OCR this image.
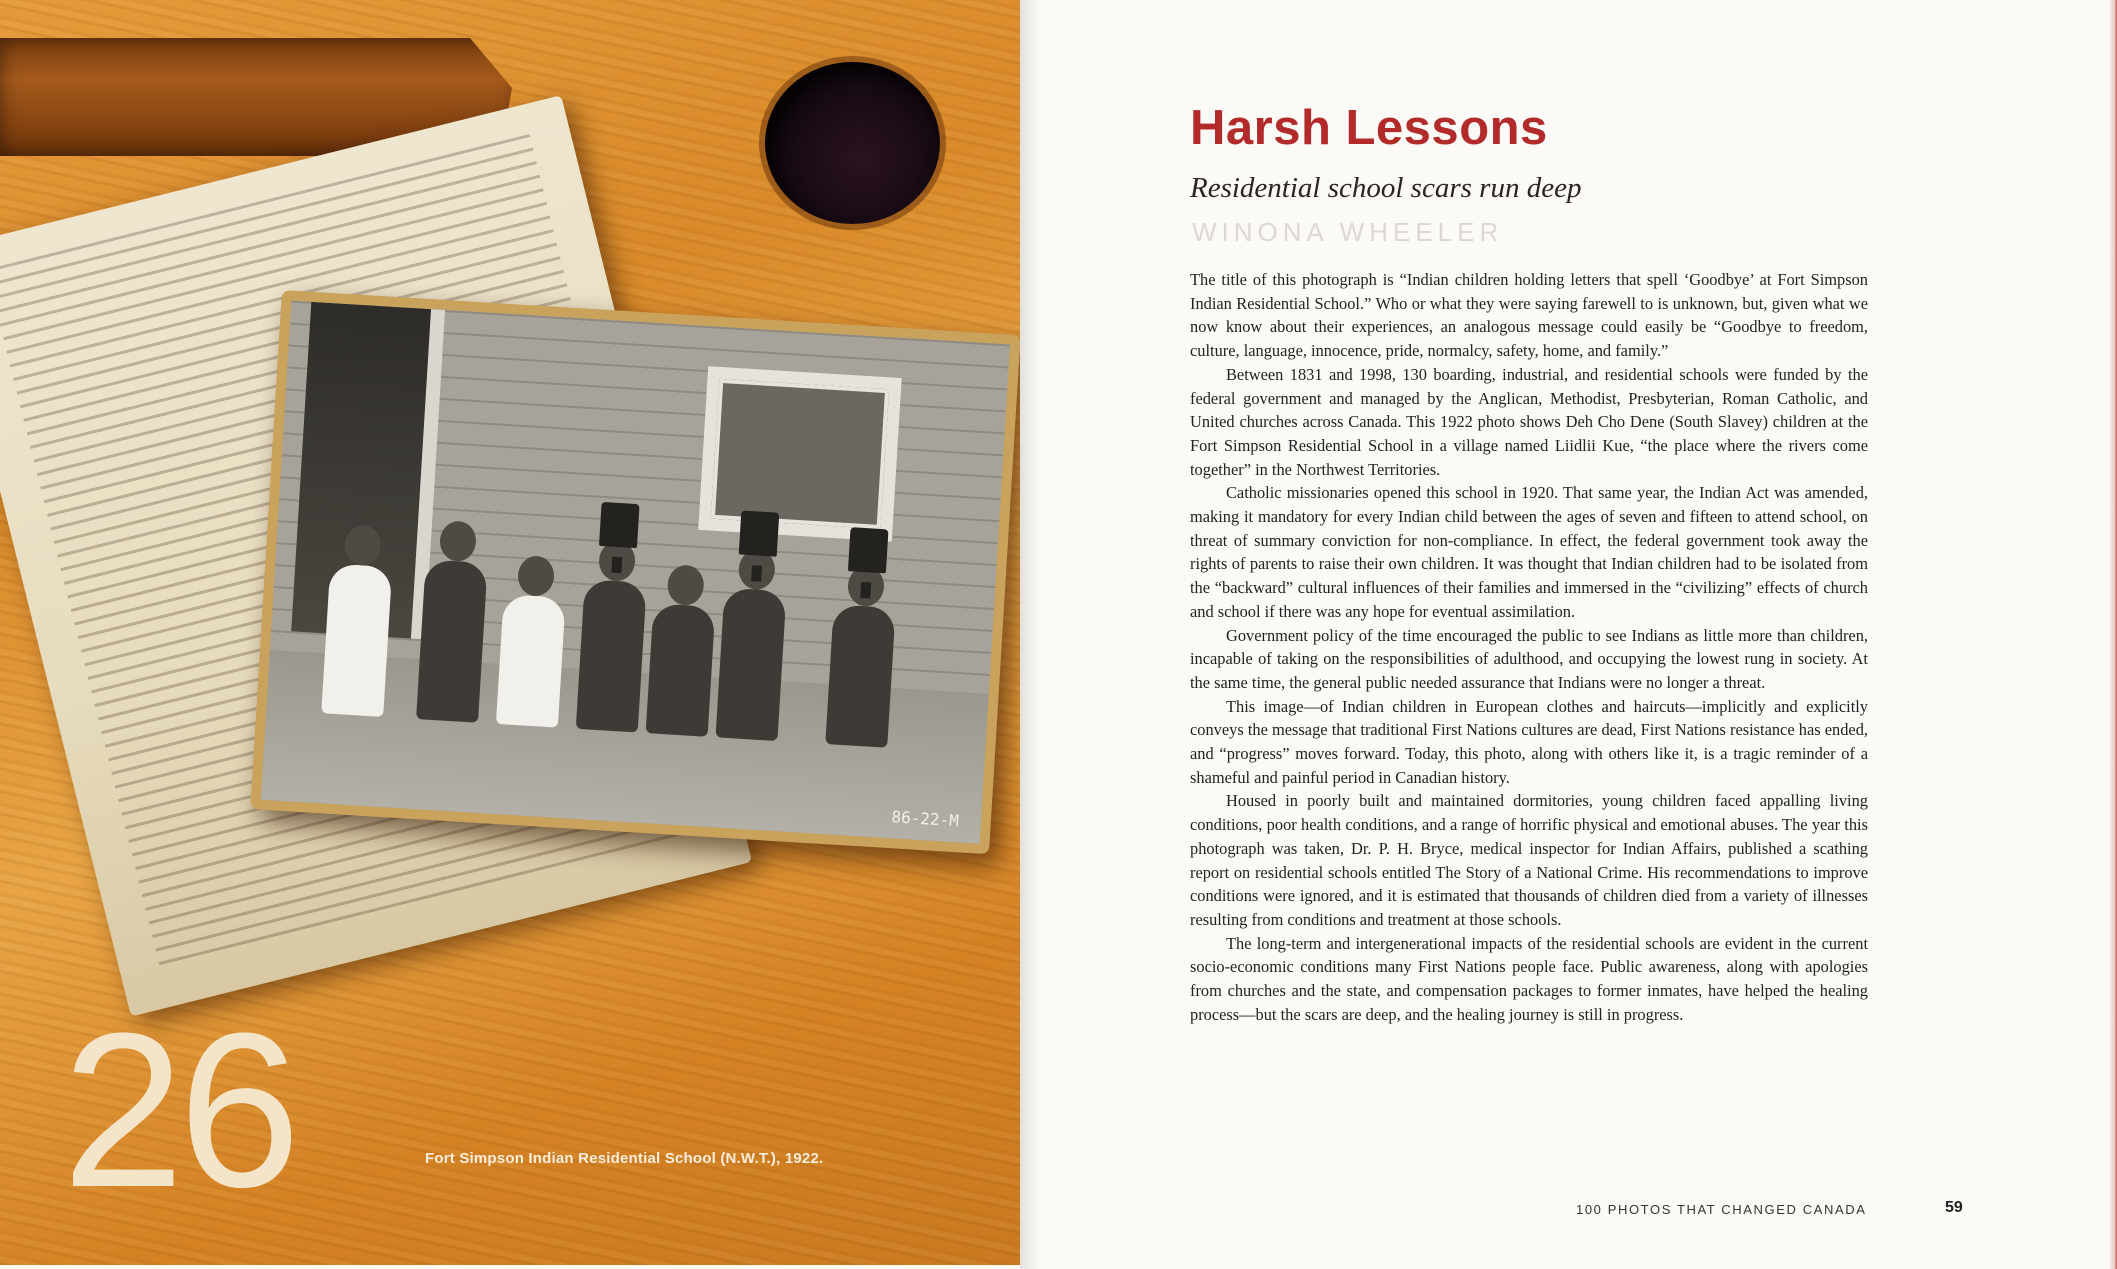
86-22-M
26	Fort Simpson Indian Residential School (N.W.T.), 1922.
Harsh Lessons
Residential school scars run deep
WINONA WHEELER

The title of this photograph is “Indian children holding letters that spell ‘Goodbye’ at Fort Simpson Indian Residential School.” Who or what they were saying farewell to is unknown, but, given what we now know about their experiences, an analogous message could easily be “Goodbye to freedom, culture, language, innocence, pride, normalcy, safety, home, and family.”

Between 1831 and 1998, 130 boarding, industrial, and residential schools were funded by the federal government and managed by the Anglican, Methodist, Presbyterian, Roman Catholic, and United churches across Canada. This 1922 photo shows Deh Cho Dene (South Slavey) children at the Fort Simpson Residential School in a village named Liidlii Kue, “the place where the rivers come together” in the Northwest Territories.

Catholic missionaries opened this school in 1920. That same year, the Indian Act was amended, making it mandatory for every Indian child between the ages of seven and fifteen to attend school, on threat of summary conviction for non-compliance. In effect, the federal government took away the rights of parents to raise their own children. It was thought that Indian children had to be isolated from the “backward” cultural influences of their families and immersed in the “civilizing” effects of church and school if there was any hope for eventual assimilation.

Government policy of the time encouraged the public to see Indians as little more than children, incapable of taking on the responsibilities of adulthood, and occupying the lowest rung in society. At the same time, the general public needed assurance that Indians were no longer a threat.

This image—of Indian children in European clothes and haircuts—implicitly and explicitly conveys the message that traditional First Nations cultures are dead, First Nations resistance has ended, and “progress” moves forward. Today, this photo, along with others like it, is a tragic reminder of a shameful and painful period in Canadian history.

Housed in poorly built and maintained dormitories, young children faced appalling living conditions, poor health conditions, and a range of horrific physical and emotional abuses. The year this photograph was taken, Dr. P. H. Bryce, medical inspector for Indian Affairs, published a scathing report on residential schools entitled The Story of a National Crime. His recommendations to improve conditions were ignored, and it is estimated that thousands of children died from a variety of illnesses resulting from conditions and treatment at those schools.

The long-term and intergenerational impacts of the residential schools are evident in the current socio-economic conditions many First Nations people face. Public awareness, along with apologies from churches and the state, and compensation packages to former inmates, have helped the healing process—but the scars are deep, and the healing journey is still in progress.

100 PHOTOS THAT CHANGED CANADA	59
